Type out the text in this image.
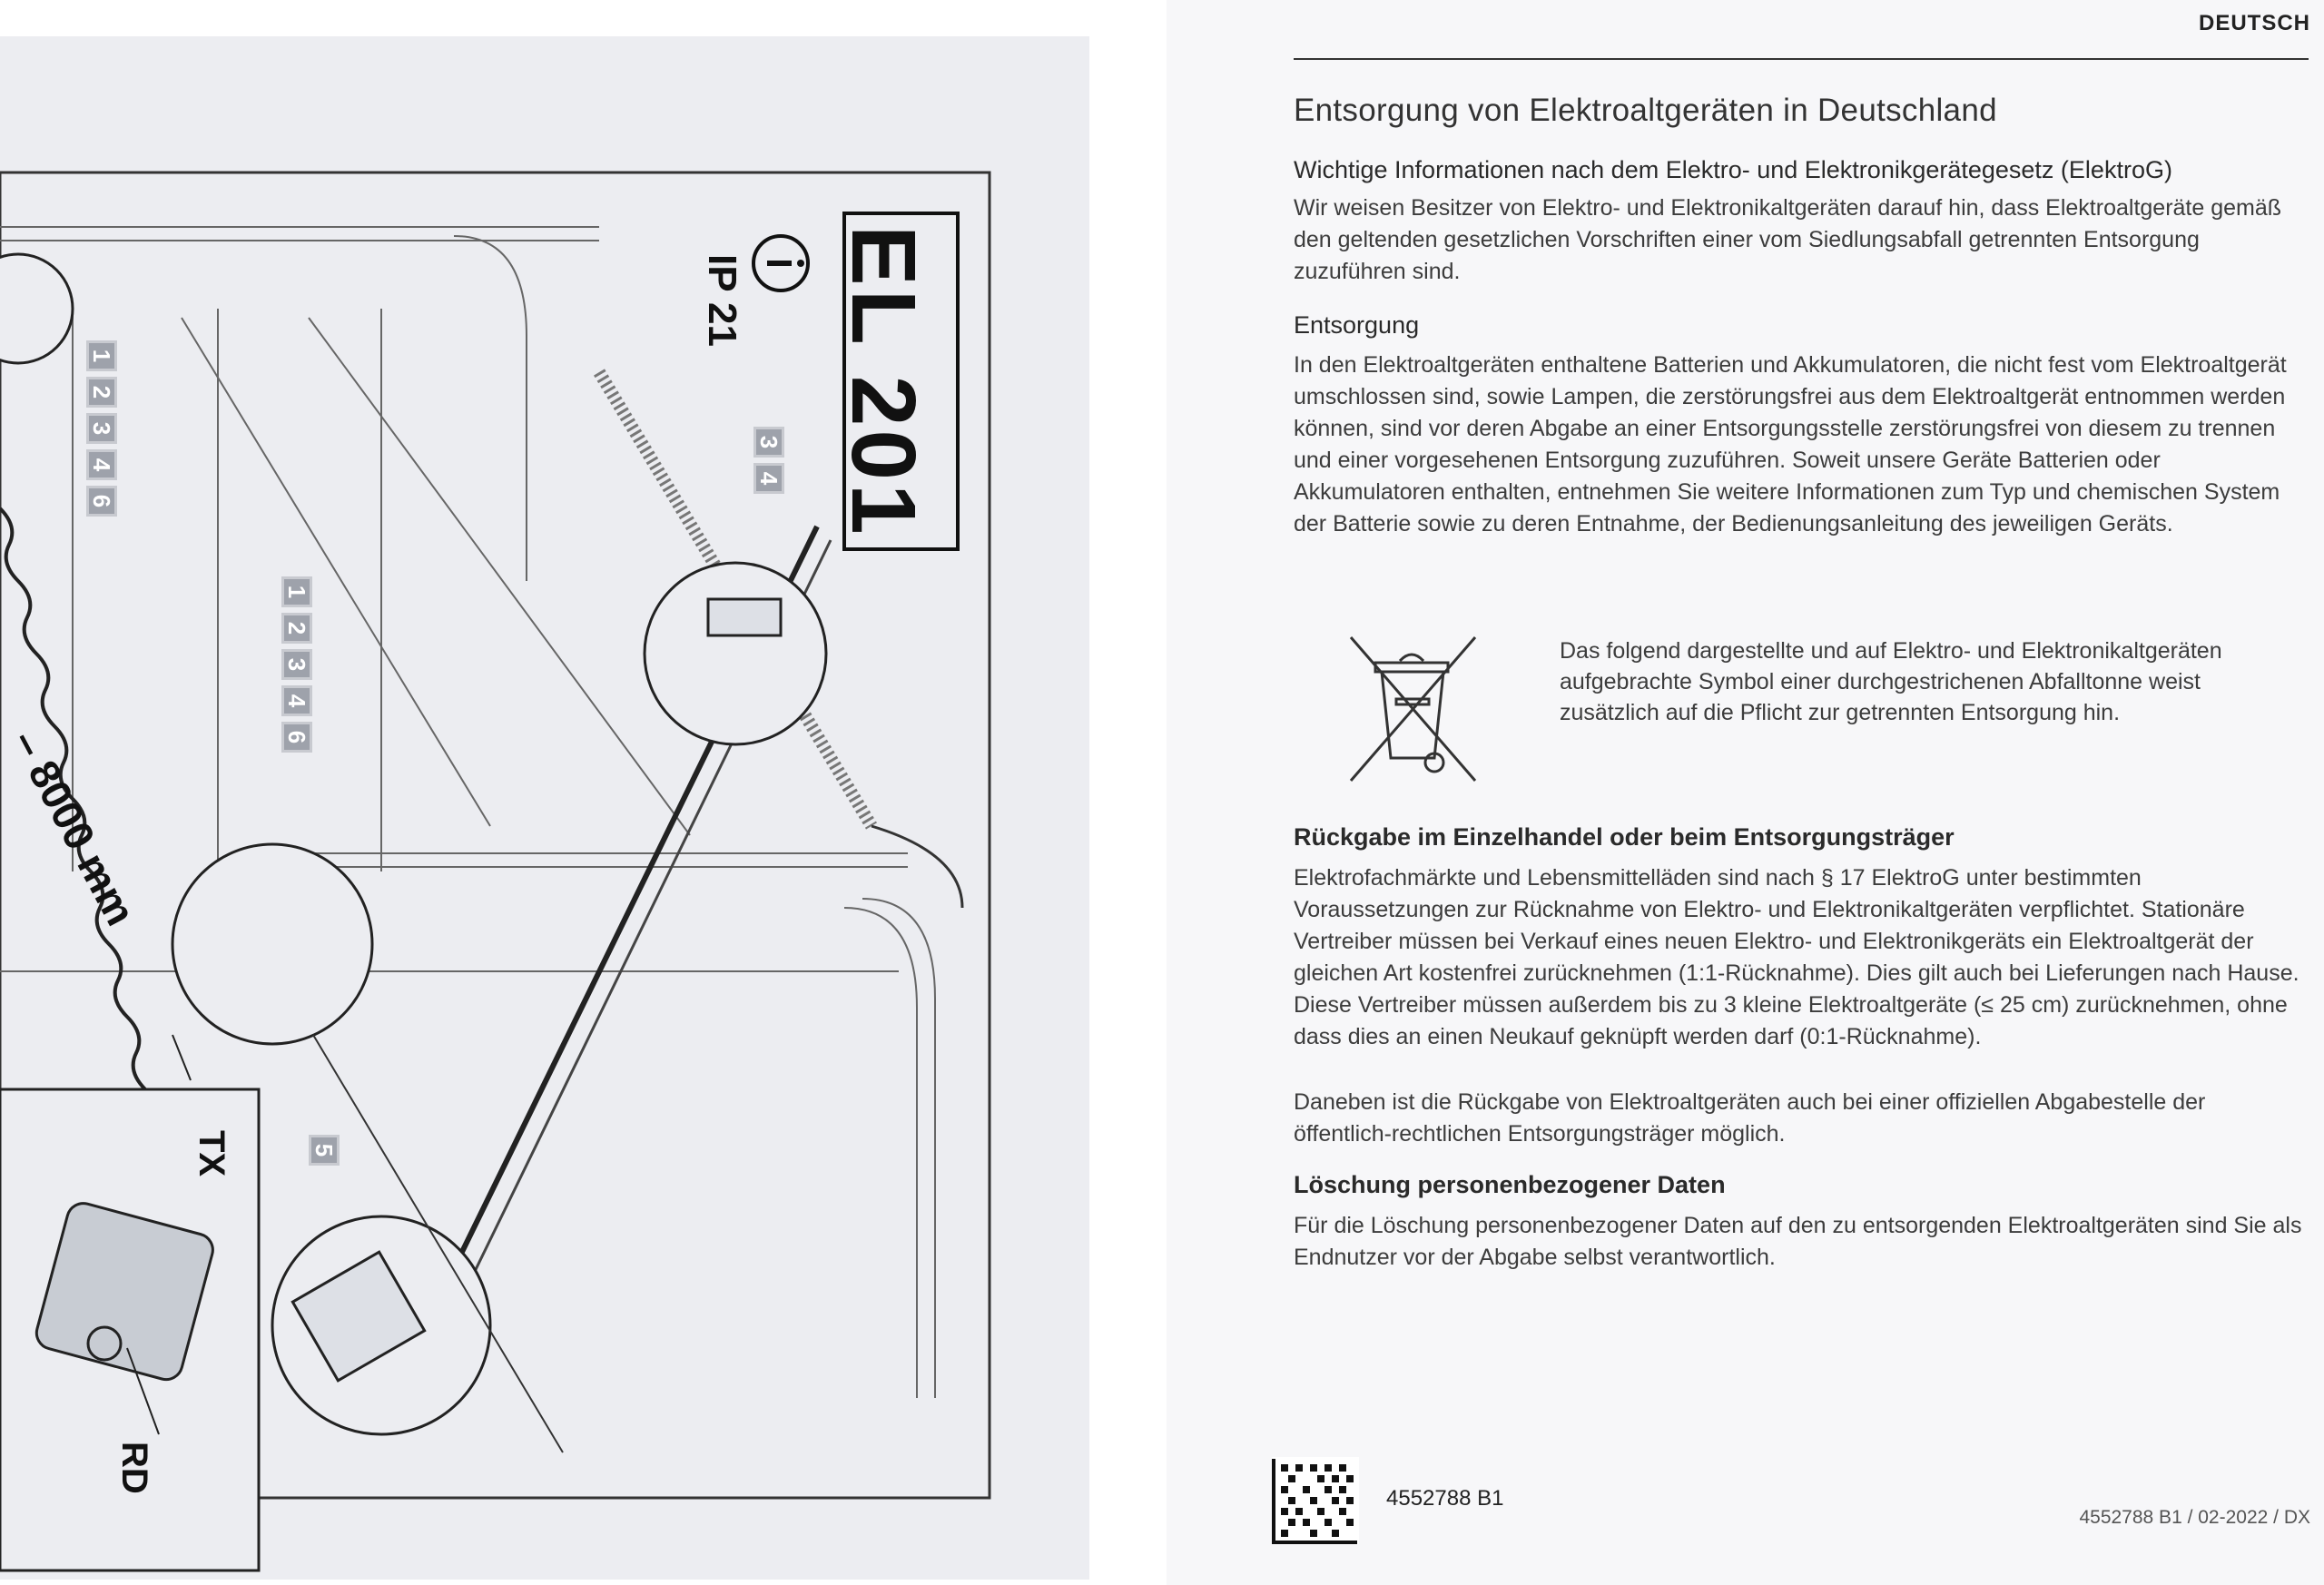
EL 201
IP 21
– 8000 mm
TX
RD
1
2
3
4
6
1
2
3
4
6
3
4
5
DEUTSCH
Entsorgung von Elektroaltgeräten in Deutschland
Wichtige Informationen nach dem Elektro- und Elektronikgerätegesetz (ElektroG)

Wir weisen Besitzer von Elektro- und Elektronikaltgeräten darauf hin, dass Elektroaltgeräte gemäß den geltenden gesetzlichen Vorschriften einer vom Siedlungsabfall getrennten Entsorgung zuzuführen sind.

Entsorgung

In den Elektroaltgeräten enthaltene Batterien und Akkumulatoren, die nicht fest vom Elektroaltgerät umschlossen sind, sowie Lampen, die zerstörungsfrei aus dem Elektroaltgerät entnommen werden können, sind vor deren Abgabe an einer Entsorgungsstelle zerstörungsfrei von diesem zu trennen und einer vorgesehenen Entsorgung zuzuführen. Soweit unsere Geräte Batterien oder Akkumulatoren enthalten, entnehmen Sie weitere Informationen zum Typ und chemischen System der Batterie sowie zu deren Entnahme, der Bedienungsanleitung des jeweiligen Geräts.

Das folgend dargestellte und auf Elektro- und Elektronikaltgeräten aufgebrachte Symbol einer durchgestrichenen Abfalltonne weist zusätzlich auf die Pflicht zur getrennten Entsorgung hin.
Rückgabe im Einzelhandel oder beim Entsorgungsträger

Elektrofachmärkte und Lebensmittelläden sind nach § 17 ElektroG unter bestimmten Voraussetzungen zur Rücknahme von Elektro- und Elektronikaltgeräten verpflichtet. Stationäre Vertreiber müssen bei Verkauf eines neuen Elektro- und Elektronikgeräts ein Elektroaltgerät der gleichen Art kostenfrei zurücknehmen (1:1-Rücknahme). Dies gilt auch bei Lieferungen nach Hause. Diese Vertreiber müssen außerdem bis zu 3 kleine Elektroaltgeräte (≤ 25 cm) zurücknehmen, ohne dass dies an einen Neukauf geknüpft werden darf (0:1-Rücknahme).

Daneben ist die Rückgabe von Elektroaltgeräten auch bei einer offiziellen Abgabestelle der öffentlich-rechtlichen Entsorgungsträger möglich.

Löschung personenbezogener Daten

Für die Löschung personenbezogener Daten auf den zu entsorgenden Elektroaltgeräten sind Sie als Endnutzer vor der Abgabe selbst verantwortlich.

4552788 B1
4552788 B1 / 02-2022 / DX
